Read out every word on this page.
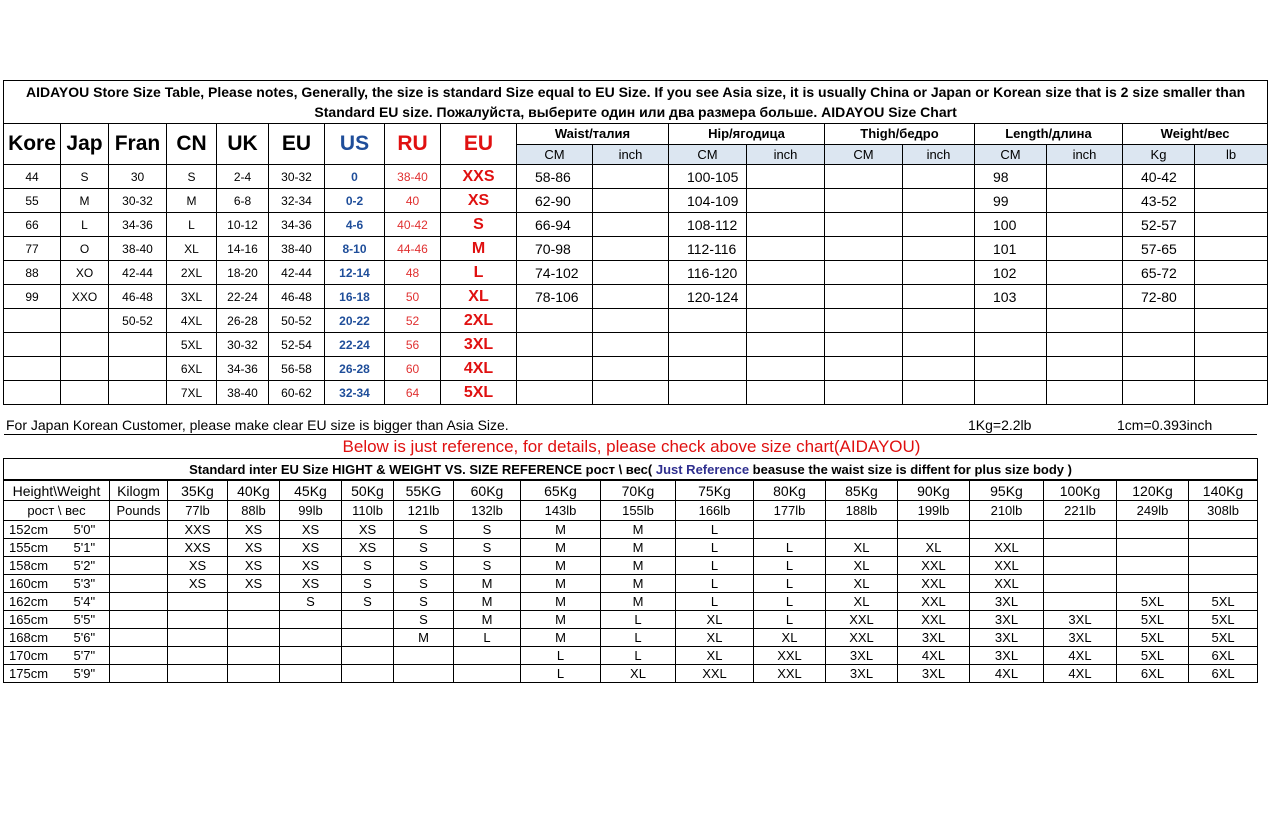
AIDAYOU Store Size Table, Please notes, Generally, the size is standard Size equal to EU Size. If you see Asia size, it is usually China or Japan or Korean size that is 2 size smaller than
Standard EU size. Пожалуйста, выберите один или два размера больше. AIDAYOU Size Chart																		
Kore	Jap	Fran	CN	UK	EU	US	RU	EU	Waist/талия		Hip/ягодица		Thigh/бедро		Length/длина		Weight/вес	
									CM	inch	CM	inch	CM	inch	CM	inch	Kg	lb
44	S	30	S	2-4	30-32	0	38-40	XXS	58-86		100-105				98		40-42	
55	M	30-32	M	6-8	32-34	0-2	40	XS	62-90		104-109				99		43-52	
66	L	34-36	L	10-12	34-36	4-6	40-42	S	66-94		108-112				100		52-57	
77	O	38-40	XL	14-16	38-40	8-10	44-46	M	70-98		112-116				101		57-65	
88	XO	42-44	2XL	18-20	42-44	12-14	48	L	74-102		116-120				102		65-72	
99	XXO	46-48	3XL	22-24	46-48	16-18	50	XL	78-106		120-124				103		72-80	
		50-52	4XL	26-28	50-52	20-22	52	2XL										
			5XL	30-32	52-54	22-24	56	3XL										
			6XL	34-36	56-58	26-28	60	4XL										
			7XL	38-40	60-62	32-34	64	5XL										
For Japan Korean Customer, please make clear EU size is bigger than Asia Size.	1Kg=2.2lb	1cm=0.393inch
Below is just reference, for details, please check above size chart(AIDAYOU)
Standard inter EU Size HIGHT & WEIGHT VS. SIZE REFERENCE рост \ вес( Just Reference beasuse the waist size is diffent for plus size body )																		
Height\Weight		Kilogm	35Kg	40Kg	45Kg	50Kg	55KG	60Kg	65Kg	70Kg	75Kg	80Kg	85Kg	90Kg	95Kg	100Kg	120Kg	140Kg
рост \ вес		Pounds	77lb	88lb	99lb	110lb	121lb	132lb	143lb	155lb	166lb	177lb	188lb	199lb	210lb	221lb	249lb	308lb
152cm	5'0''		XXS	XS	XS	XS	S	S	M	M	L							
155cm	5'1"		XXS	XS	XS	XS	S	S	M	M	L	L	XL	XL	XXL			
158cm	5'2"		XS	XS	XS	S	S	S	M	M	L	L	XL	XXL	XXL			
160cm	5'3"		XS	XS	XS	S	S	M	M	M	L	L	XL	XXL	XXL			
162cm	5'4"				S	S	S	M	M	M	L	L	XL	XXL	3XL		5XL	5XL
165cm	5'5"						S	M	M	L	XL	L	XXL	XXL	3XL	3XL	5XL	5XL
168cm	5'6"						M	L	M	L	XL	XL	XXL	3XL	3XL	3XL	5XL	5XL
170cm	5'7"								L	L	XL	XXL	3XL	4XL	3XL	4XL	5XL	6XL
175cm	5'9"								L	XL	XXL	XXL	3XL	3XL	4XL	4XL	6XL	6XL
